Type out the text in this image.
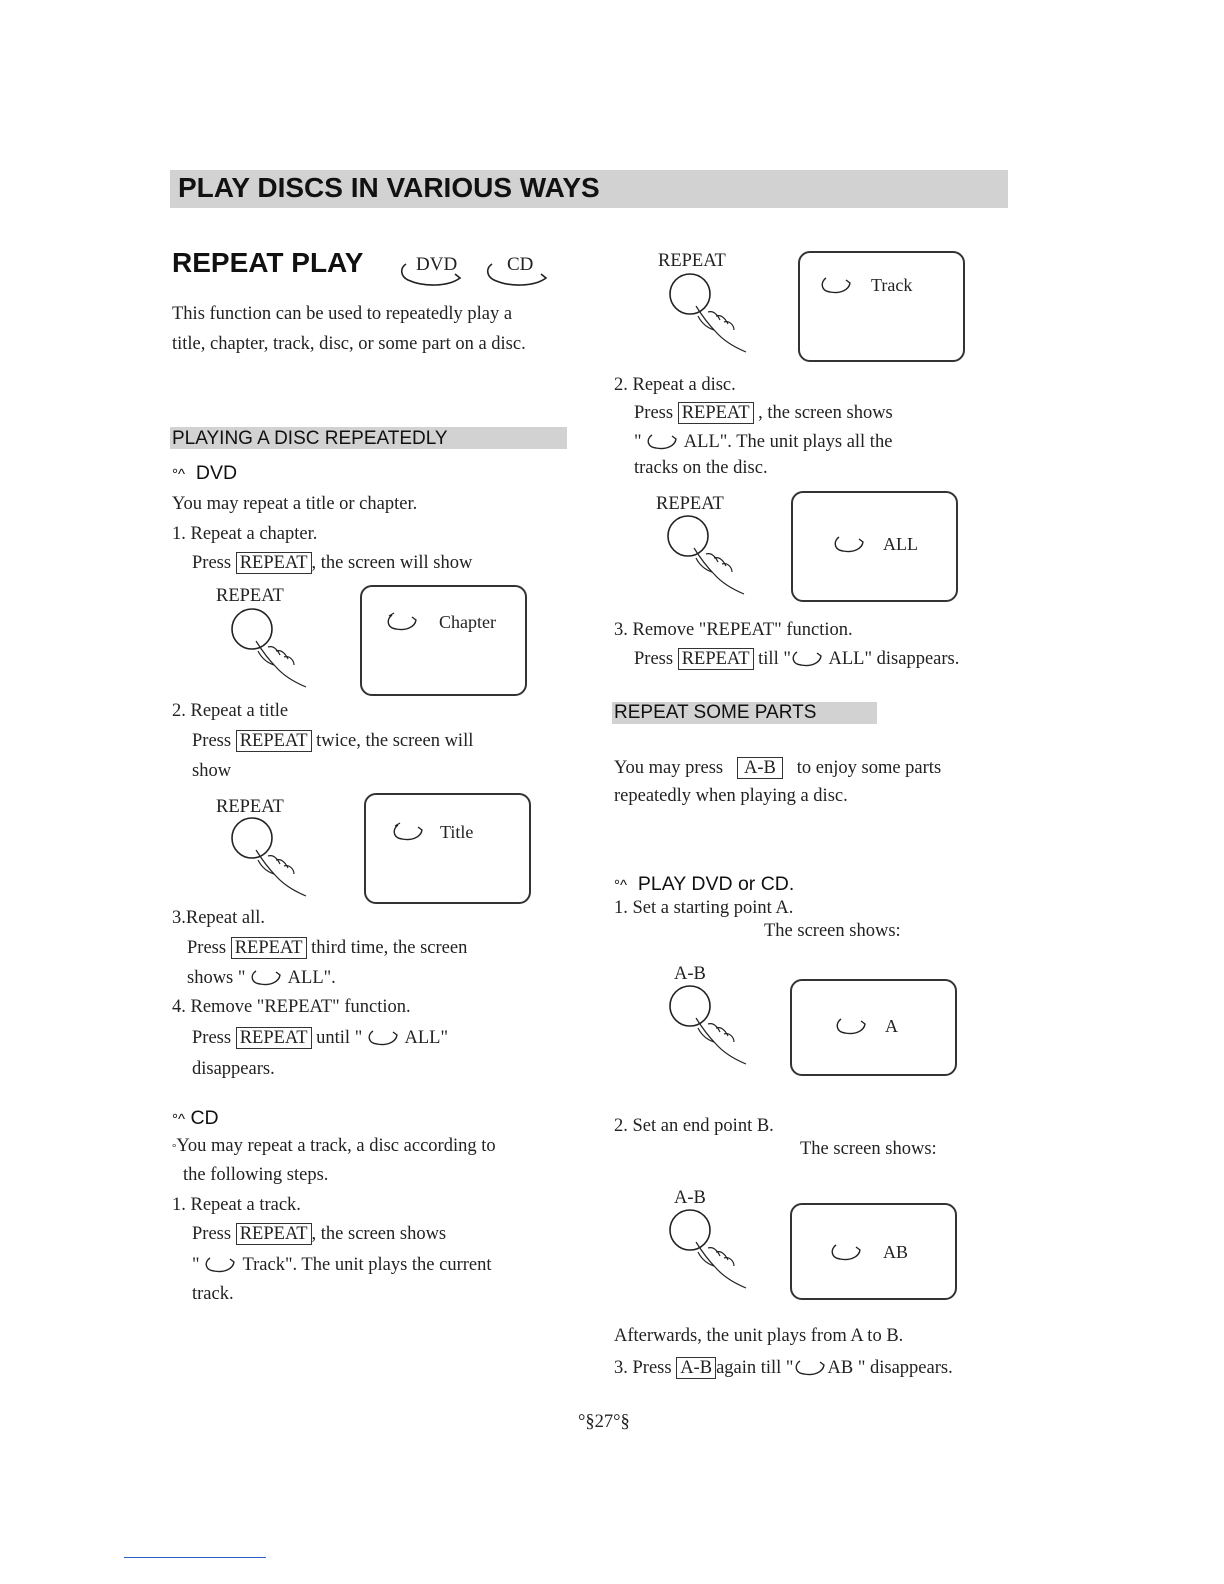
PLAY DISCS IN VARIOUS WAYS
REPEAT PLAY	DVD	CD
This function can be used to repeatedly play a
title, chapter, track, disc, or some part on a disc.
PLAYING A DISC REPEATEDLY
°^ DVD
You may repeat a title or chapter.
1. Repeat a chapter.
Press REPEAT , the screen will show
REPEAT
Chapter
2. Repeat a title
Press REPEAT twice, the screen will
show
REPEAT
Title
3.Repeat all.
Press REPEAT third time, the screen
shows " ALL".
4. Remove "REPEAT" function.
Press REPEAT until " ALL"
disappears.
°^ CD
°You may repeat a track, a disc according to
the following steps.
1. Repeat a track.
Press REPEAT , the screen shows
" Track". The unit plays the current
track.
REPEAT
Track
2. Repeat a disc.
Press REPEAT , the screen shows
" ALL". The unit plays all the
tracks on the disc.
REPEAT
ALL
3. Remove "REPEAT" function.
Press REPEAT till " ALL" disappears.
REPEAT SOME PARTS
You may press A-B to enjoy some parts
repeatedly when playing a disc.
°^ PLAY DVD or CD.
1. Set a starting point A.
The screen shows:
A-B
A
2. Set an end point B.
The screen shows:
A-B
AB
Afterwards, the unit plays from A to B.
3. Press A-B again till " AB " disappears.
°§27°§
